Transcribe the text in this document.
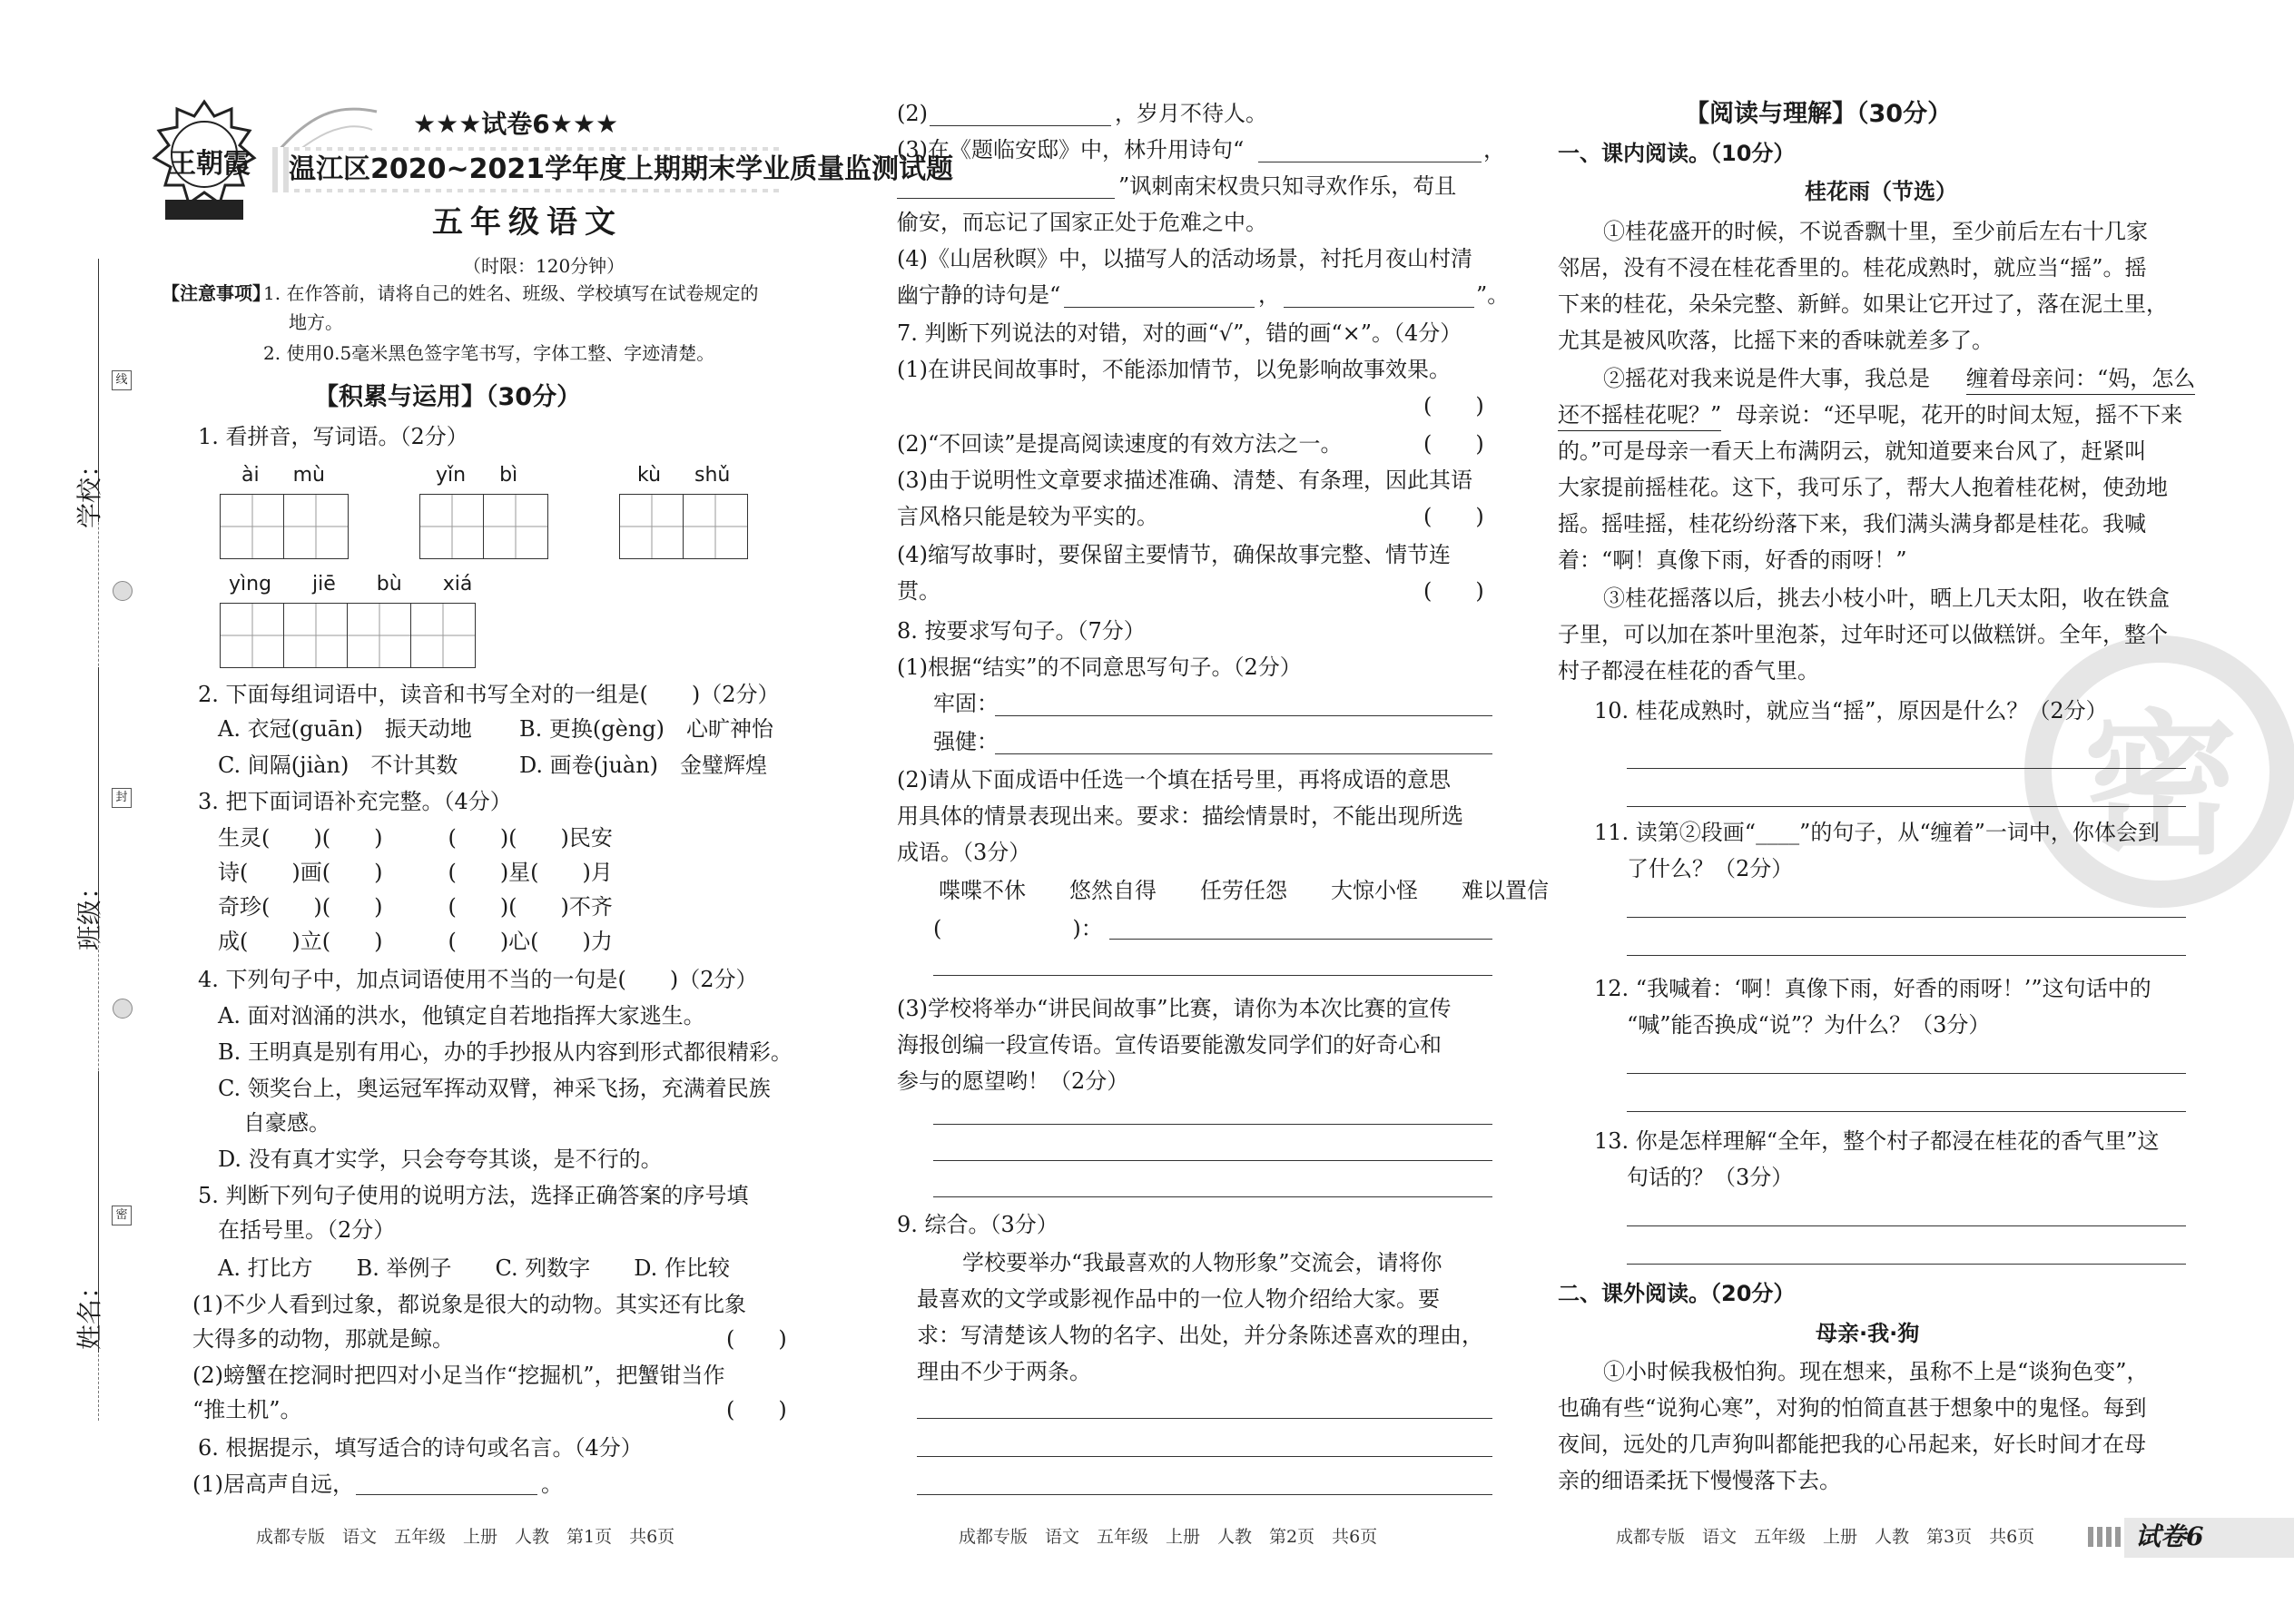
学校：
班级：
姓名：
线
封
密
王朝霞
★★★试卷6★★★
温江区2020~2021学年度上期期末学业质量监测试题
五年级语文
（时限：120分钟）
【注意事项】
1. 在作答前，请将自己的姓名、班级、学校填写在试卷规定的
地方。
2. 使用0.5毫米黑色签字笔书写，字体工整、字迹清楚。
【积累与运用】（30分）
1. 看拼音，写词语。（2分）
ài mù	yǐn bì	kù shǔ
yìng jiē bù xiá
2. 下面每组词语中，读音和书写全对的一组是(　　)（2分）
A. 衣冠(guān)　振天动地 B. 更换(gèng)　心旷神怡
C. 间隔(jiàn)　不计其数	D. 画卷(juàn)　金璧辉煌
3. 把下面词语补充完整。（4分）
生灵(　　)(　　)　　　(　　)(　　)民安
诗(　　)画(　　)　　　(　　)星(　　)月
奇珍(　　)(　　)　　　(　　)(　　)不齐
成(　　)立(　　)　　　(　　)心(　　)力
4. 下列句子中，加点词语使用不当的一句是(　　)（2分）
A. 面对汹涌的洪水，他镇定自若地指挥大家逃生。
B. 王明真是别有用心，办的手抄报从内容到形式都很精彩。
C. 领奖台上，奥运冠军挥动双臂，神采飞扬，充满着民族
自豪感。
D. 没有真才实学，只会夸夸其谈，是不行的。
5. 判断下列句子使用的说明方法，选择正确答案的序号填
在括号里。（2分）
A. 打比方　　B. 举例子　　C. 列数字　　D. 作比较
(1)不少人看到过象，都说象是很大的动物。其实还有比象
大得多的动物，那就是鲸。	(　　)
(2)螃蟹在挖洞时把四对小足当作“挖掘机”，把蟹钳当作
“推土机”。	(　　)
6. 根据提示，填写适合的诗句或名言。（4分）
(1)居高声自远，	。
成都专版　语文　五年级　上册　人教　第1页　共6页
(2)	，岁月不待人。
(3)在《题临安邸》中，林升用诗句“	，
”讽刺南宋权贵只知寻欢作乐，苟且
偷安，而忘记了国家正处于危难之中。
(4)《山居秋暝》中，以描写人的活动场景，衬托月夜山村清
幽宁静的诗句是“	，	”。
7. 判断下列说法的对错，对的画“√”，错的画“×”。（4分）
(1)在讲民间故事时，不能添加情节，以免影响故事效果。
(　　)
(2)“不回读”是提高阅读速度的有效方法之一。	(　　)
(3)由于说明性文章要求描述准确、清楚、有条理，因此其语
言风格只能是较为平实的。	(　　)
(4)缩写故事时，要保留主要情节，确保故事完整、情节连
贯。	(　　)
8. 按要求写句子。（7分）
(1)根据“结实”的不同意思写句子。（2分）
牢固：
强健：
(2)请从下面成语中任选一个填在括号里，再将成语的意思
用具体的情景表现出来。要求：描绘情景时，不能出现所选
成语。（3分）
喋喋不休　　悠然自得　　任劳任怨　　大惊小怪　　难以置信
(　　　　　　)：
(3)学校将举办“讲民间故事”比赛，请你为本次比赛的宣传
海报创编一段宣传语。宣传语要能激发同学们的好奇心和
参与的愿望哟！（2分）
9. 综合。（3分）
学校要举办“我最喜欢的人物形象”交流会，请将你
最喜欢的文学或影视作品中的一位人物介绍给大家。要
求：写清楚该人物的名字、出处，并分条陈述喜欢的理由，
理由不少于两条。
成都专版　语文　五年级　上册　人教　第2页　共6页
密
【阅读与理解】（30分）
一、课内阅读。（10分）
桂花雨（节选）
①桂花盛开的时候，不说香飘十里，至少前后左右十几家
邻居，没有不浸在桂花香里的。桂花成熟时，就应当“摇”。摇
下来的桂花，朵朵完整、新鲜。如果让它开过了，落在泥土里，
尤其是被风吹落，比摇下来的香味就差多了。
②摇花对我来说是件大事，我总是 缠着母亲问：“妈，怎么
还不摇桂花呢？” 母亲说：“还早呢，花开的时间太短，摇不下来
的。”可是母亲一看天上布满阴云，就知道要来台风了，赶紧叫
大家提前摇桂花。这下，我可乐了，帮大人抱着桂花树，使劲地
摇。摇哇摇，桂花纷纷落下来，我们满头满身都是桂花。我喊
着：“啊！真像下雨，好香的雨呀！”
③桂花摇落以后，挑去小枝小叶，晒上几天太阳，收在铁盒
子里，可以加在茶叶里泡茶，过年时还可以做糕饼。全年，整个
村子都浸在桂花的香气里。
10. 桂花成熟时，就应当“摇”，原因是什么？（2分）
11. 读第②段画“____”的句子，从“缠着”一词中，你体会到
了什么？（2分）
12. “我喊着：‘啊！真像下雨，好香的雨呀！’”这句话中的
“喊”能否换成“说”？为什么？（3分）
13. 你是怎样理解“全年，整个村子都浸在桂花的香气里”这
句话的？（3分）
二、课外阅读。（20分）
母亲·我·狗
①小时候我极怕狗。现在想来，虽称不上是“谈狗色变”，
也确有些“说狗心寒”，对狗的怕简直甚于想象中的鬼怪。每到
夜间，远处的几声狗叫都能把我的心吊起来，好长时间才在母
亲的细语柔抚下慢慢落下去。
成都专版　语文　五年级　上册　人教　第3页　共6页	试卷6
